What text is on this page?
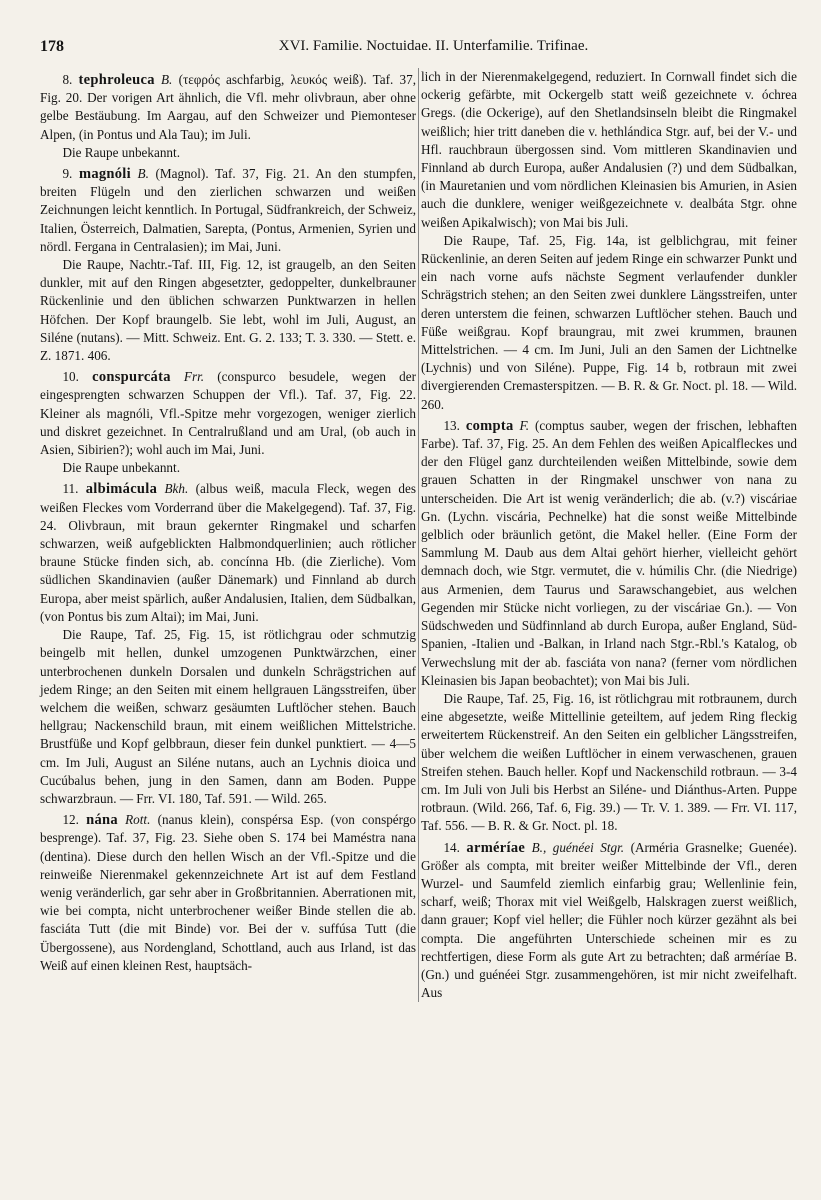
178	XVI. Familie. Noctuidae. II. Unterfamilie. Trifinae.

8. tephroleuca B. (τεφρός aschfarbig, λευκός weiß). Taf. 37, Fig. 20. Der vorigen Art ähnlich, die Vfl. mehr olivbraun, aber ohne gelbe Bestäubung. Im Aargau, auf den Schweizer und Piemonteser Alpen, (in Pontus und Ala Tau); im Juli.

Die Raupe unbekannt.

9. magnóli B. (Magnol). Taf. 37, Fig. 21. An den stumpfen, breiten Flügeln und den zierlichen schwarzen und weißen Zeichnungen leicht kenntlich. In Portugal, Südfrankreich, der Schweiz, Italien, Österreich, Dalmatien, Sarepta, (Pontus, Armenien, Syrien und nördl. Fergana in Centralasien); im Mai, Juni.

Die Raupe, Nachtr.-Taf. III, Fig. 12, ist graugelb, an den Seiten dunkler, mit auf den Ringen abgesetzter, gedoppelter, dunkelbrauner Rückenlinie und den üblichen schwarzen Punktwarzen in hellen Höfchen. Der Kopf braungelb. Sie lebt, wohl im Juli, August, an Siléne (nutans). — Mitt. Schweiz. Ent. G. 2. 133; T. 3. 330. — Stett. e. Z. 1871. 406.

10. conspurcáta Frr. (conspurco besudele, wegen der eingesprengten schwarzen Schuppen der Vfl.). Taf. 37, Fig. 22. Kleiner als magnóli, Vfl.-Spitze mehr vorgezogen, weniger zierlich und diskret gezeichnet. In Centralrußland und am Ural, (ob auch in Asien, Sibirien?); wohl auch im Mai, Juni.

Die Raupe unbekannt.

11. albimácula Bkh. (albus weiß, macula Fleck, wegen des weißen Fleckes vom Vorderrand über die Makelgegend). Taf. 37, Fig. 24. Olivbraun, mit braun gekernter Ringmakel und scharfen schwarzen, weiß aufgeblickten Halbmondquerlinien; auch rötlicher braune Stücke finden sich, ab. concínna Hb. (die Zierliche). Vom südlichen Skandinavien (außer Dänemark) und Finnland ab durch Europa, aber meist spärlich, außer Andalusien, Italien, dem Südbalkan, (von Pontus bis zum Altai); im Mai, Juni.

Die Raupe, Taf. 25, Fig. 15, ist rötlichgrau oder schmutzig beingelb mit hellen, dunkel umzogenen Punktwärzchen, einer unterbrochenen dunkeln Dorsalen und dunkeln Schrägstrichen auf jedem Ringe; an den Seiten mit einem hellgrauen Längsstreifen, über welchem die weißen, schwarz gesäumten Luftlöcher stehen. Bauch hellgrau; Nackenschild braun, mit einem weißlichen Mittelstriche. Brustfüße und Kopf gelbbraun, dieser fein dunkel punktiert. — 4—5 cm. Im Juli, August an Siléne nutans, auch an Lychnis dioica und Cucúbalus behen, jung in den Samen, dann am Boden. Puppe schwarzbraun. — Frr. VI. 180, Taf. 591. — Wild. 265.

12. nána Rott. (nanus klein), conspérsa Esp. (von conspérgo besprenge). Taf. 37, Fig. 23. Siehe oben S. 174 bei Maméstra nana (dentina). Diese durch den hellen Wisch an der Vfl.-Spitze und die reinweiße Nierenmakel gekennzeichnete Art ist auf dem Festland wenig veränderlich, gar sehr aber in Großbritannien. Aberrationen mit, wie bei compta, nicht unterbrochener weißer Binde stellen die ab. fasciáta Tutt (die mit Binde) vor. Bei der v. suffúsa Tutt (die Übergossene), aus Nordengland, Schottland, auch aus Irland, ist das Weiß auf einen kleinen Rest, hauptsäch-

lich in der Nierenmakelgegend, reduziert. In Cornwall findet sich die ockerig gefärbte, mit Ockergelb statt weiß gezeichnete v. óchrea Gregs. (die Ockerige), auf den Shetlandsinseln bleibt die Ringmakel weißlich; hier tritt daneben die v. hethlándica Stgr. auf, bei der V.- und Hfl. rauchbraun übergossen sind. Vom mittleren Skandinavien und Finnland ab durch Europa, außer Andalusien (?) und dem Südbalkan, (in Mauretanien und vom nördlichen Kleinasien bis Amurien, in Asien auch die dunklere, weniger weißgezeichnete v. dealbáta Stgr. ohne weißen Apikalwisch); von Mai bis Juli.

Die Raupe, Taf. 25, Fig. 14a, ist gelblichgrau, mit feiner Rückenlinie, an deren Seiten auf jedem Ringe ein schwarzer Punkt und ein nach vorne aufs nächste Segment verlaufender dunkler Schrägstrich stehen; an den Seiten zwei dunklere Längsstreifen, unter deren unterstem die feinen, schwarzen Luftlöcher stehen. Bauch und Füße weißgrau. Kopf braungrau, mit zwei krummen, braunen Mittelstrichen. — 4 cm. Im Juni, Juli an den Samen der Lichtnelke (Lychnis) und von Siléne). Puppe, Fig. 14 b, rotbraun mit zwei divergierenden Cremasterspitzen. — B. R. & Gr. Noct. pl. 18. — Wild. 260.

13. compta F. (comptus sauber, wegen der frischen, lebhaften Farbe). Taf. 37, Fig. 25. An dem Fehlen des weißen Apicalfleckes und der den Flügel ganz durchteilenden weißen Mittelbinde, sowie dem grauen Schatten in der Ringmakel unschwer von nana zu unterscheiden. Die Art ist wenig veränderlich; die ab. (v.?) viscáriae Gn. (Lychn. viscária, Pechnelke) hat die sonst weiße Mittelbinde gelblich oder bräunlich getönt, die Makel heller. (Eine Form der Sammlung M. Daub aus dem Altai gehört hierher, vielleicht gehört demnach doch, wie Stgr. vermutet, die v. húmilis Chr. (die Niedrige) aus Armenien, dem Taurus und Sarawschangebiet, aus welchen Gegenden mir Stücke nicht vorliegen, zu der viscáriae Gn.). — Von Südschweden und Südfinnland ab durch Europa, außer England, Süd-Spanien, -Italien und -Balkan, in Irland nach Stgr.-Rbl.'s Katalog, ob Verwechslung mit der ab. fasciáta von nana? (ferner vom nördlichen Kleinasien bis Japan beobachtet); von Mai bis Juli.

Die Raupe, Taf. 25, Fig. 16, ist rötlichgrau mit rotbraunem, durch eine abgesetzte, weiße Mittellinie geteiltem, auf jedem Ring fleckig erweitertem Rückenstreif. An den Seiten ein gelblicher Längsstreifen, über welchem die weißen Luftlöcher in einem verwaschenen, grauen Streifen stehen. Bauch heller. Kopf und Nackenschild rotbraun. — 3-4 cm. Im Juli von Juli bis Herbst an Siléne- und Diánthus-Arten. Puppe rotbraun. (Wild. 266, Taf. 6, Fig. 39.) — Tr. V. 1. 389. — Frr. VI. 117, Taf. 556. — B. R. & Gr. Noct. pl. 18.

14. arméríae B., guénéei Stgr. (Arméria Grasnelke; Guenée). Größer als compta, mit breiter weißer Mittelbinde der Vfl., deren Wurzel- und Saumfeld ziemlich einfarbig grau; Wellenlinie fein, scharf, weiß; Thorax mit viel Weißgelb, Halskragen zuerst weißlich, dann grauer; Kopf viel heller; die Fühler noch kürzer gezähnt als bei compta. Die angeführten Unterschiede scheinen mir es zu rechtfertigen, diese Form als gute Art zu betrachten; daß arméríae B. (Gn.) und guénéei Stgr. zusammengehören, ist mir nicht zweifelhaft. Aus
